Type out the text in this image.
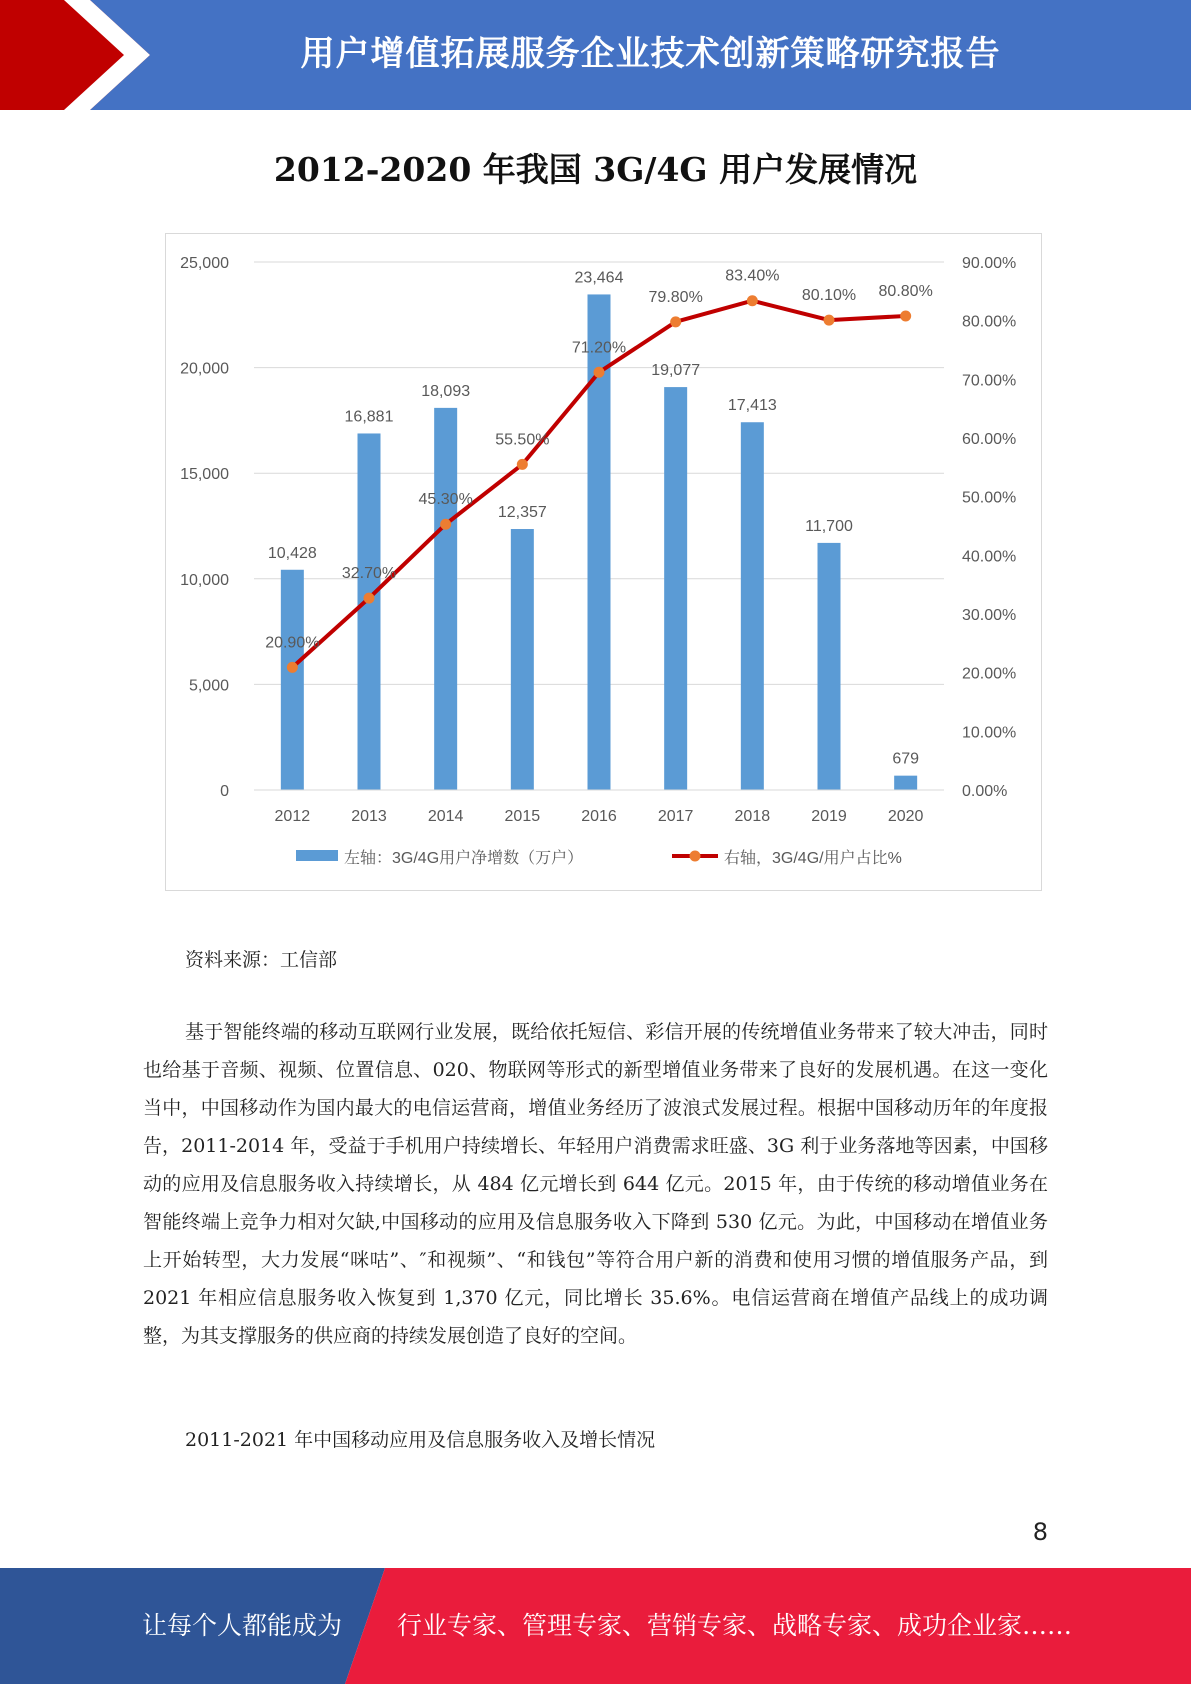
用户增值拓展服务企业技术创新策略研究报告
2012-2020 年我国 3G/4G 用户发展情况
0
5,000
10,000
15,000
20,000
25,000
0.00%
10.00%
20.00%
30.00%
40.00%
50.00%
60.00%
70.00%
80.00%
90.00%
2012	2013	2014	2015	2016	2017	2018	2019	2020
10,428
16,881
18,093
12,357
23,464
19,077
17,413
11,700
679
20.90%
32.70%
45.30%
55.50%
71.20%
79.80%
83.40%
80.10% 80.80%
左轴：3G/4G用户净增数（万户）	右轴，3G/4G/用户占比%
资料来源：工信部

基于智能终端的移动互联网行业发展，既给依托短信、彩信开展的传统增值业务带来了较大冲击，同时也给基于音频、视频、位置信息、020、物联网等形式的新型增值业务带来了良好的发展机遇。在这一变化当中，中国移动作为国内最大的电信运营商，增值业务经历了波浪式发展过程。根据中国移动历年的年度报告，2011-2014 年，受益于手机用户持续增长、年轻用户消费需求旺盛、3G 利于业务落地等因素，中国移动的应用及信息服务收入持续增长，从 484 亿元增长到 644 亿元。2015 年，由于传统的移动增值业务在智能终端上竞争力相对欠缺,中国移动的应用及信息服务收入下降到 530 亿元。为此，中国移动在增值业务上开始转型，大力发展“咪咕”、″和视频”、“和钱包”等符合用户新的消费和使用习惯的增值服务产品，到 2021 年相应信息服务收入恢复到 1,370 亿元，同比增长 35.6%。电信运营商在增值产品线上的成功调整，为其支撑服务的供应商的持续发展创造了良好的空间。

2011-2021 年中国移动应用及信息服务收入及增长情况
8
让每个人都能成为 行业专家、管理专家、营销专家、战略专家、成功企业家……
